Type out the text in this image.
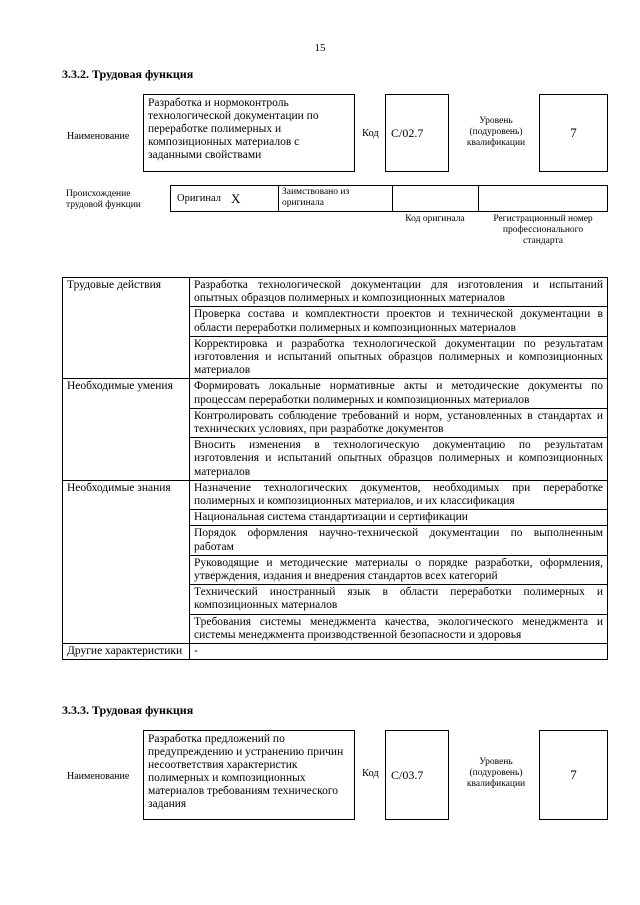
15
3.3.2. Трудовая функция
Наименование
Разработка и нормоконтроль технологической документации по переработке полимерных и композиционных материалов с заданными свойствами
Код	C/02.7
Уровень (подуровень) квалификации
7
Происхождение трудовой функции
Оригинал X	Заимствовано из оригинала
Код оригинала	Регистрационный номер профессионального стандарта
Трудовые действия	Разработка технологической документации для изготовления и испытаний опытных образцов полимерных и композиционных материалов
	Проверка состава и комплектности проектов и технической документации в области переработки полимерных и композиционных материалов
	Корректировка и разработка технологической документации по результатам изготовления и испытаний опытных образцов полимерных и композиционных материалов
Необходимые умения	Формировать локальные нормативные акты и методические документы по процессам переработки полимерных и композиционных материалов
	Контролировать соблюдение требований и норм, установленных в стандартах и технических условиях, при разработке документов
	Вносить изменения в технологическую документацию по результатам изготовления и испытаний опытных образцов полимерных и композиционных материалов
Необходимые знания	Назначение технологических документов, необходимых при переработке полимерных и композиционных материалов, и их классификация
	Национальная система стандартизации и сертификации
	Порядок оформления научно-технической документации по выполненным работам
	Руководящие и методические материалы о порядке разработки, оформления, утверждения, издания и внедрения стандартов всех категорий
	Технический иностранный язык в области переработки полимерных и композиционных материалов
	Требования системы менеджмента качества, экологического менеджмента и системы менеджмента производственной безопасности и здоровья
Другие характеристики	-
3.3.3. Трудовая функция
Наименование
Разработка предложений по предупреждению и устранению причин несоответствия характеристик полимерных и композиционных материалов требованиям технического задания
Код	C/03.7
Уровень (подуровень) квалификации
7
